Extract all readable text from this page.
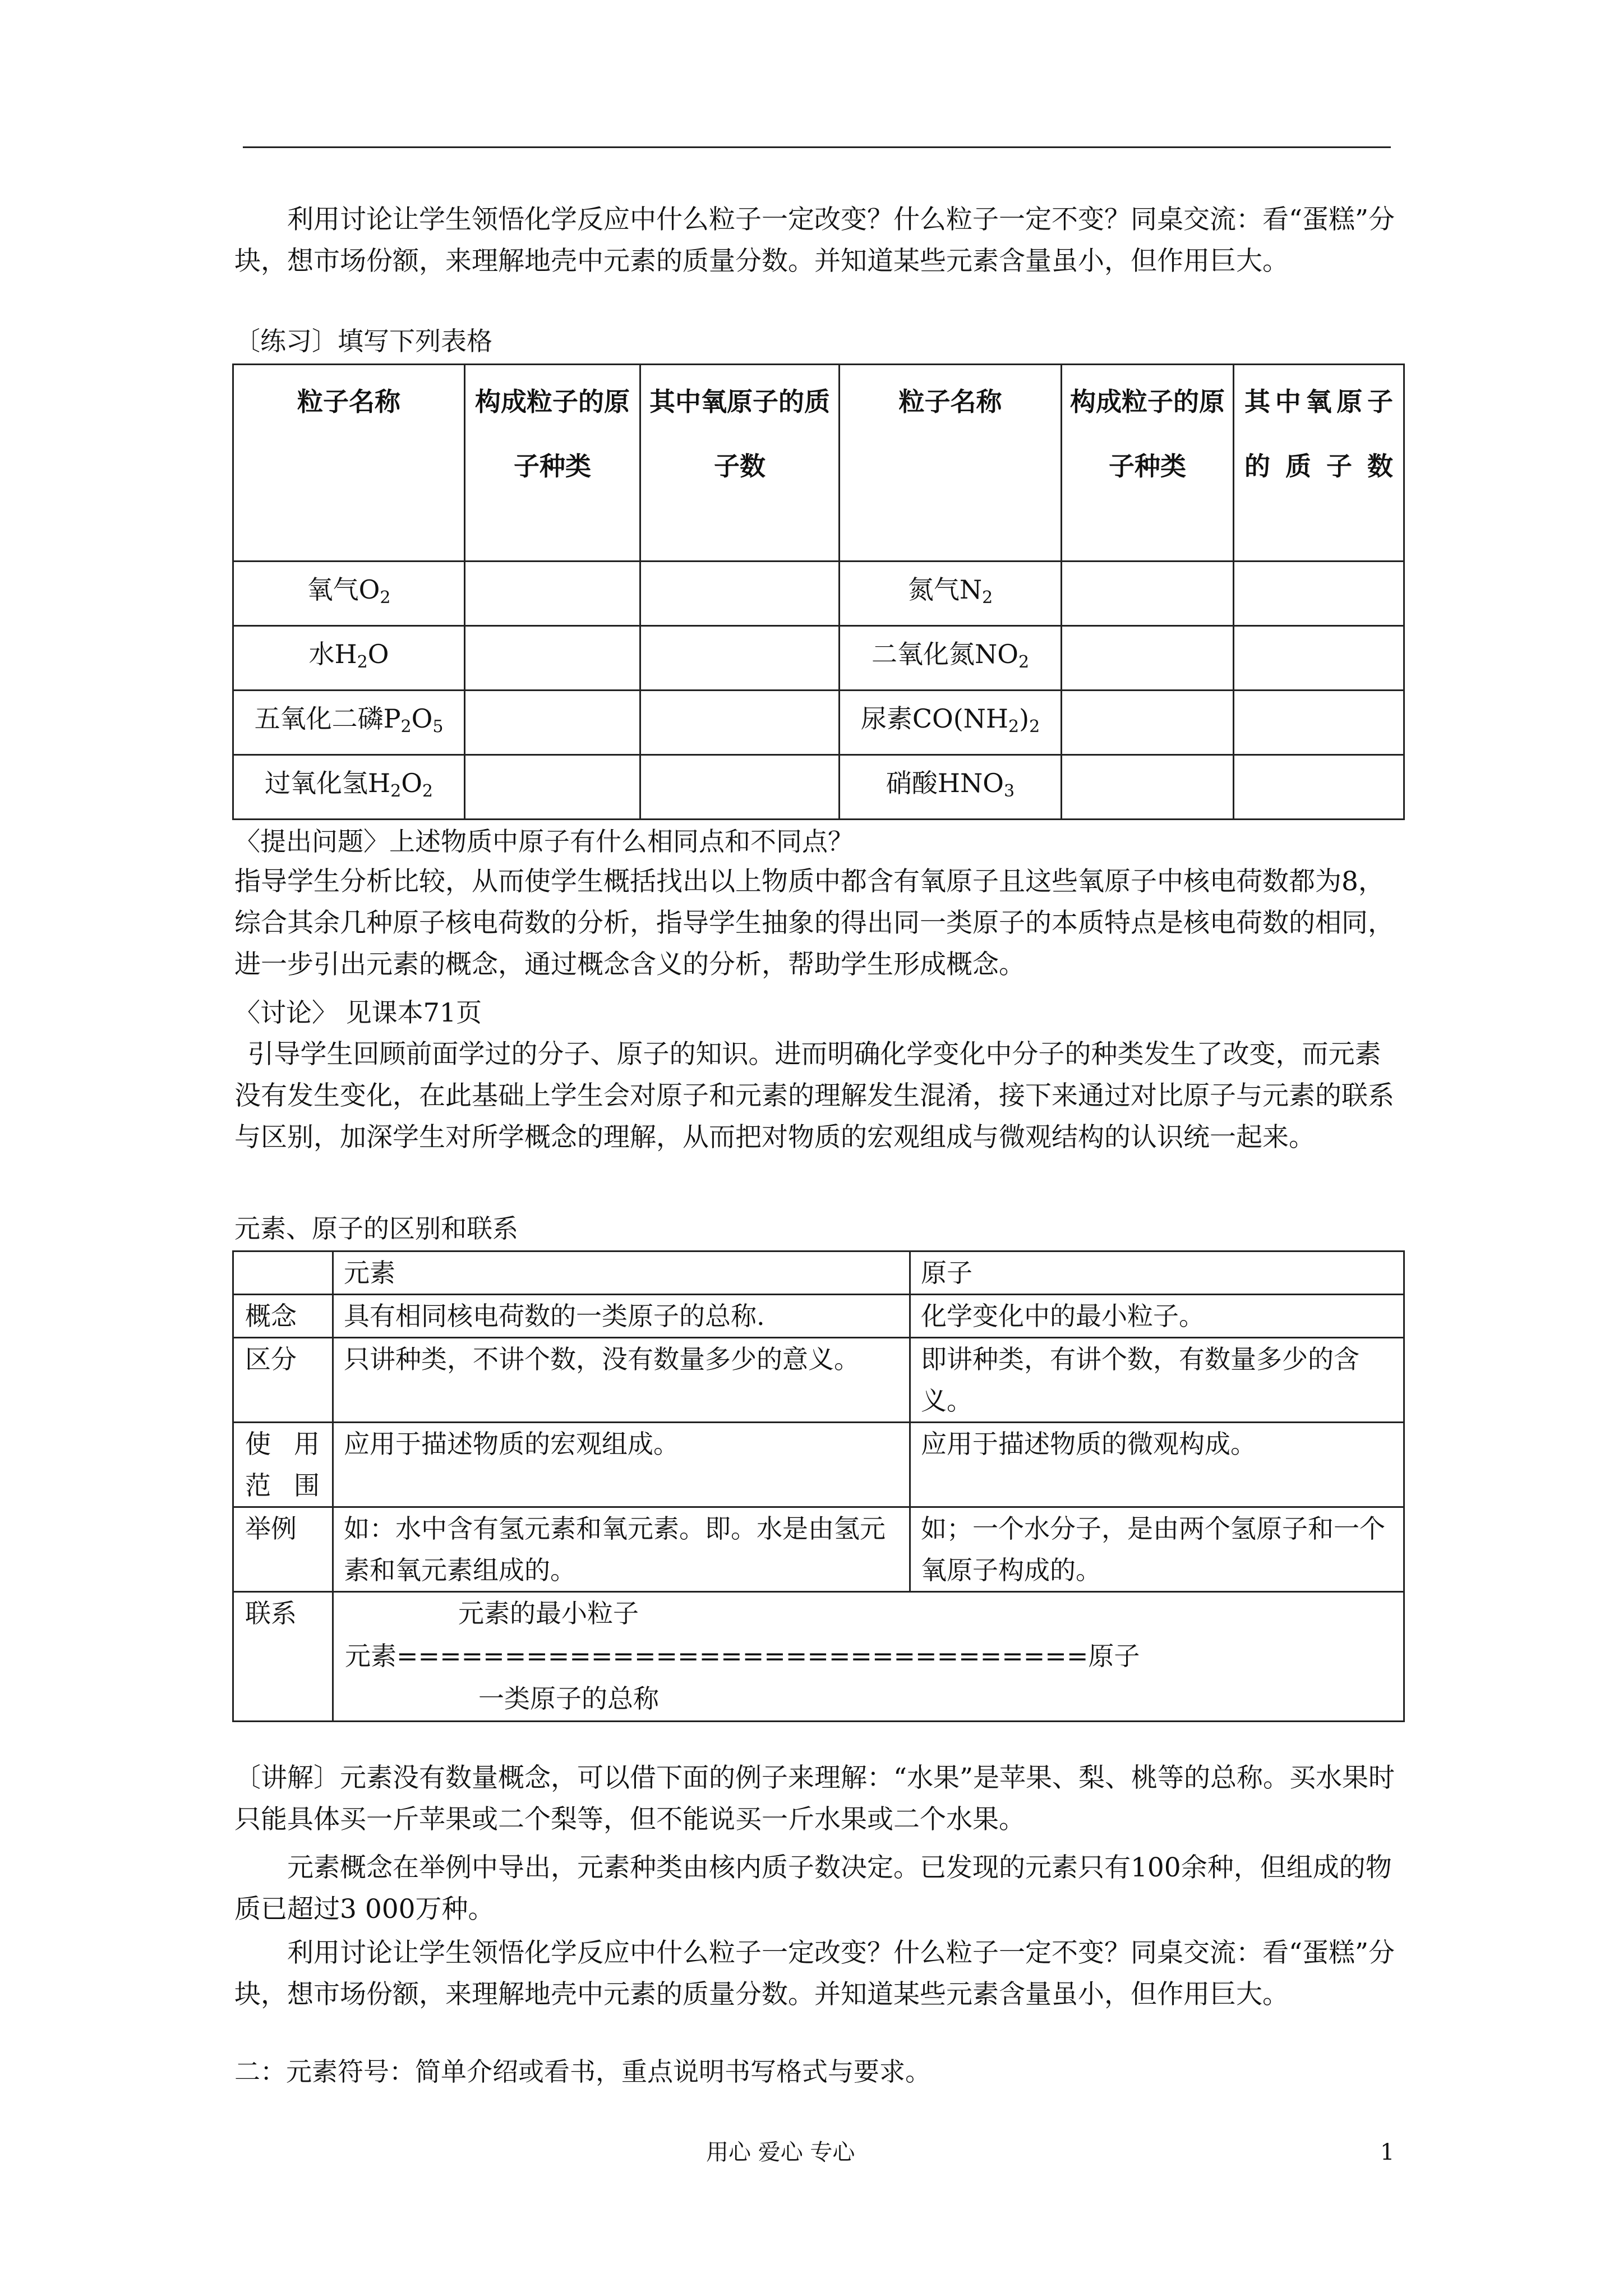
利用讨论让学生领悟化学反应中什么粒子一定改变？什么粒子一定不变？同桌交流：看“蛋糕”分块，想市场份额，来理解地壳中元素的质量分数。并知道某些元素含量虽小，但作用巨大。

〔练习〕填写下列表格

粒子名称	构成粒子的原子种类	其中氧原子的质子数	粒子名称	构成粒子的原子种类	其中氧原子的质子数
氧气$O_2$			氮气$N_2$		
水$H_2O$			二氧化氮$NO_2$		
五氧化二磷$P_2O_5$			尿素$CO(NH_2)_2$		
过氧化氢$H_2O_2$			硝酸$HNO_3$		

〈提出问题〉上述物质中原子有什么相同点和不同点？

指导学生分析比较，从而使学生概括找出以上物质中都含有氧原子且这些氧原子中核电荷数都为8，综合其余几种原子核电荷数的分析，指导学生抽象的得出同一类原子的本质特点是核电荷数的相同，进一步引出元素的概念，通过概念含义的分析，帮助学生形成概念。

〈讨论〉 见课本71页

引导学生回顾前面学过的分子、原子的知识。进而明确化学变化中分子的种类发生了改变，而元素没有发生变化，在此基础上学生会对原子和元素的理解发生混淆，接下来通过对比原子与元素的联系与区别，加深学生对所学概念的理解，从而把对物质的宏观组成与微观结构的认识统一起来。

元素、原子的区别和联系

	元素	原子
概念	具有相同核电荷数的一类原子的总称.	化学变化中的最小粒子。
区分	只讲种类，不讲个数，没有数量多少的意义。	即讲种类，有讲个数，有数量多少的含义。
使用范围	应用于描述物质的宏观组成。	应用于描述物质的微观构成。
举例	如：水中含有氢元素和氧元素。即。水是由氢元素和氧元素组成的。	如；一个水分子，是由两个氢原子和一个氧原子构成的。
联系	元素的最小粒子
元素================================原子
一类原子的总称	

〔讲解〕元素没有数量概念，可以借下面的例子来理解：“水果”是苹果、梨、桃等的总称。买水果时只能具体买一斤苹果或二个梨等，但不能说买一斤水果或二个水果。

元素概念在举例中导出，元素种类由核内质子数决定。已发现的元素只有100余种，但组成的物质已超过3 000万种。

利用讨论让学生领悟化学反应中什么粒子一定改变？什么粒子一定不变？同桌交流：看“蛋糕”分块，想市场份额，来理解地壳中元素的质量分数。并知道某些元素含量虽小，但作用巨大。

二：元素符号：简单介绍或看书，重点说明书写格式与要求。

用心 爱心 专心	1
